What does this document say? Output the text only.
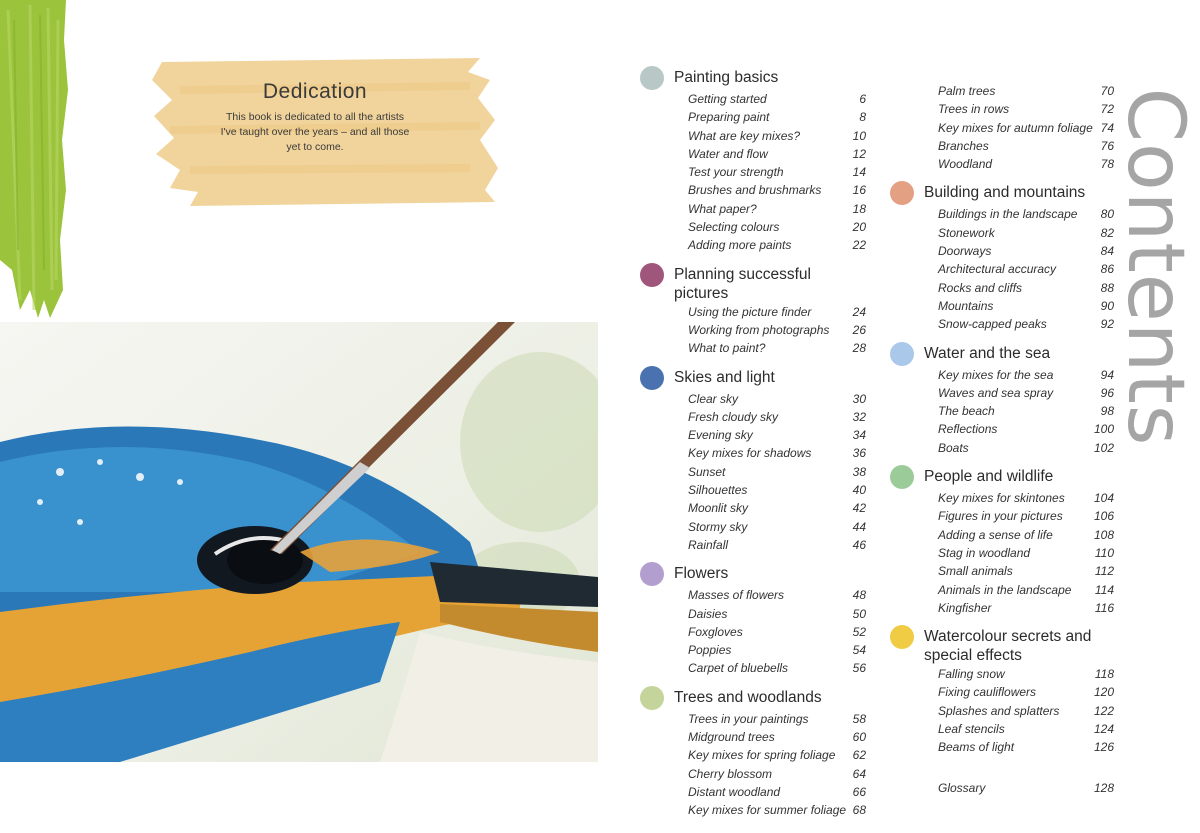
Dedication
This book is dedicated to all the artists
I've taught over the years – and all those
yet to come.
Painting basics
Getting started	6
Preparing paint	8
What are key mixes?	10
Water and flow	12
Test your strength	14
Brushes and brushmarks	16
What paper?	18
Selecting colours	20
Adding more paints	22
Planning successful pictures
Using the picture finder	24
Working from photographs 26
What to paint?	28
Skies and light
Clear sky	30
Fresh cloudy sky	32
Evening sky	34
Key mixes for shadows	36
Sunset	38
Silhouettes	40
Moonlit sky	42
Stormy sky	44
Rainfall	46
Flowers
Masses of flowers	48
Daisies	50
Foxgloves	52
Poppies	54
Carpet of bluebells	56
Trees and woodlands
Trees in your paintings	58
Midground trees	60
Key mixes for spring foliage 62
Cherry blossom	64
Distant woodland	66
Key mixes for summer foliage 68
Palm trees	70
Trees in rows	72
Key mixes for autumn foliage 74
Branches	76
Woodland	78
Building and mountains
Buildings in the landscape 80
Stonework	82
Doorways	84
Architectural accuracy	86
Rocks and cliffs	88
Mountains	90
Snow-capped peaks	92
Water and the sea
Key mixes for the sea	94
Waves and sea spray	96
The beach	98
Reflections	100
Boats	102
People and wildlife
Key mixes for skintones 104
Figures in your pictures	106
Adding a sense of life	108
Stag in woodland	110
Small animals	112
Animals in the landscape 114
Kingfisher	116
Watercolour secrets and special effects
Falling snow	118
Fixing cauliflowers	120
Splashes and splatters	122
Leaf stencils	124
Beams of light	126
Glossary	128
Contents
